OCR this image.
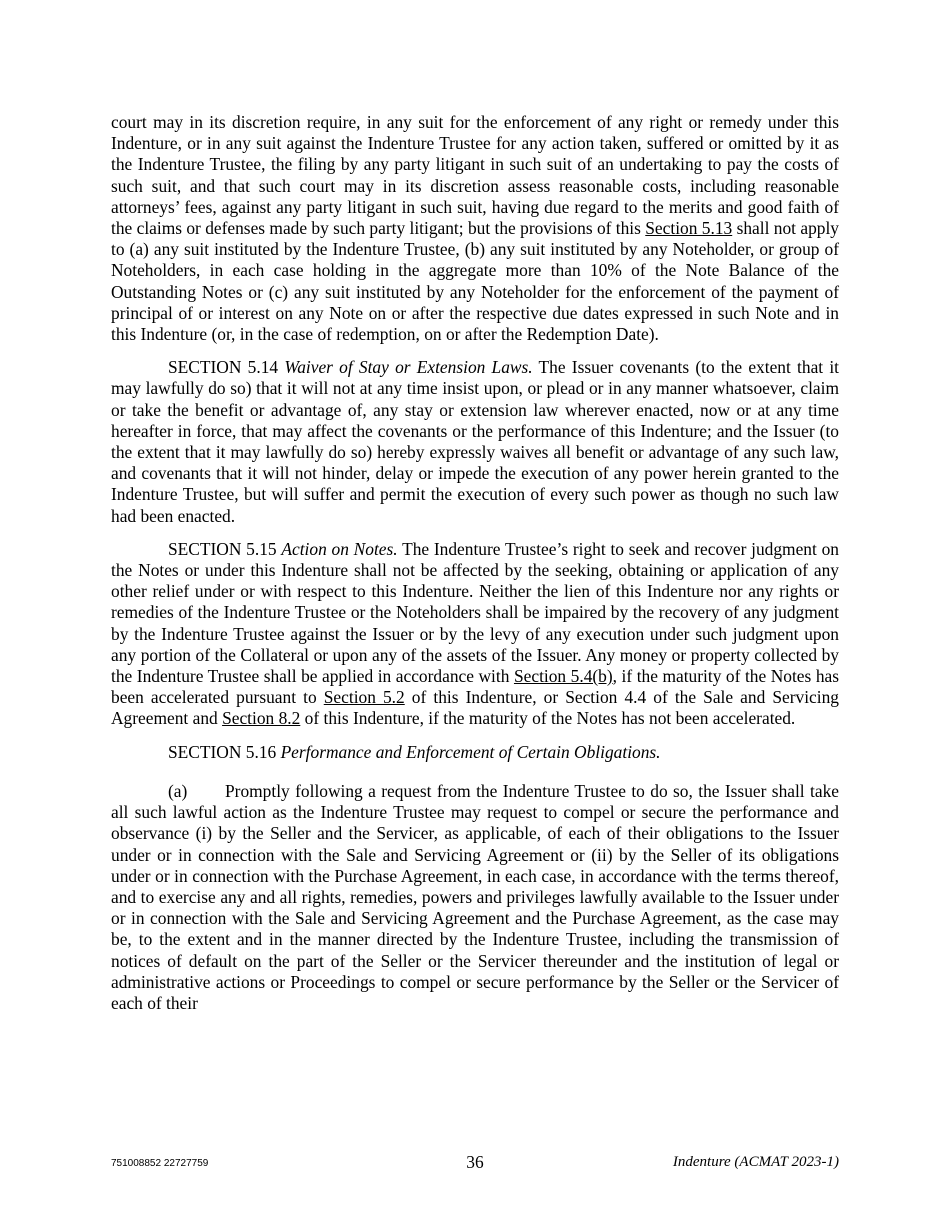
court may in its discretion require, in any suit for the enforcement of any right or remedy under this Indenture, or in any suit against the Indenture Trustee for any action taken, suffered or omitted by it as the Indenture Trustee, the filing by any party litigant in such suit of an undertaking to pay the costs of such suit, and that such court may in its discretion assess reasonable costs, including reasonable attorneys’ fees, against any party litigant in such suit, having due regard to the merits and good faith of the claims or defenses made by such party litigant; but the provisions of this Section 5.13 shall not apply to (a) any suit instituted by the Indenture Trustee, (b) any suit instituted by any Noteholder, or group of Noteholders, in each case holding in the aggregate more than 10% of the Note Balance of the Outstanding Notes or (c) any suit instituted by any Noteholder for the enforcement of the payment of principal of or interest on any Note on or after the respective due dates expressed in such Note and in this Indenture (or, in the case of redemption, on or after the Redemption Date).

SECTION 5.14 Waiver of Stay or Extension Laws. The Issuer covenants (to the extent that it may lawfully do so) that it will not at any time insist upon, or plead or in any manner whatsoever, claim or take the benefit or advantage of, any stay or extension law wherever enacted, now or at any time hereafter in force, that may affect the covenants or the performance of this Indenture; and the Issuer (to the extent that it may lawfully do so) hereby expressly waives all benefit or advantage of any such law, and covenants that it will not hinder, delay or impede the execution of any power herein granted to the Indenture Trustee, but will suffer and permit the execution of every such power as though no such law had been enacted.

SECTION 5.15 Action on Notes. The Indenture Trustee’s right to seek and recover judgment on the Notes or under this Indenture shall not be affected by the seeking, obtaining or application of any other relief under or with respect to this Indenture. Neither the lien of this Indenture nor any rights or remedies of the Indenture Trustee or the Noteholders shall be impaired by the recovery of any judgment by the Indenture Trustee against the Issuer or by the levy of any execution under such judgment upon any portion of the Collateral or upon any of the assets of the Issuer. Any money or property collected by the Indenture Trustee shall be applied in accordance with Section 5.4(b), if the maturity of the Notes has been accelerated pursuant to Section 5.2 of this Indenture, or Section 4.4 of the Sale and Servicing Agreement and Section 8.2 of this Indenture, if the maturity of the Notes has not been accelerated.

SECTION 5.16 Performance and Enforcement of Certain Obligations.

(a) Promptly following a request from the Indenture Trustee to do so, the Issuer shall take all such lawful action as the Indenture Trustee may request to compel or secure the performance and observance (i) by the Seller and the Servicer, as applicable, of each of their obligations to the Issuer under or in connection with the Sale and Servicing Agreement or (ii) by the Seller of its obligations under or in connection with the Purchase Agreement, in each case, in accordance with the terms thereof, and to exercise any and all rights, remedies, powers and privileges lawfully available to the Issuer under or in connection with the Sale and Servicing Agreement and the Purchase Agreement, as the case may be, to the extent and in the manner directed by the Indenture Trustee, including the transmission of notices of default on the part of the Seller or the Servicer thereunder and the institution of legal or administrative actions or Proceedings to compel or secure performance by the Seller or the Servicer of each of their

751008852 22727759	36	Indenture (ACMAT 2023-1)
